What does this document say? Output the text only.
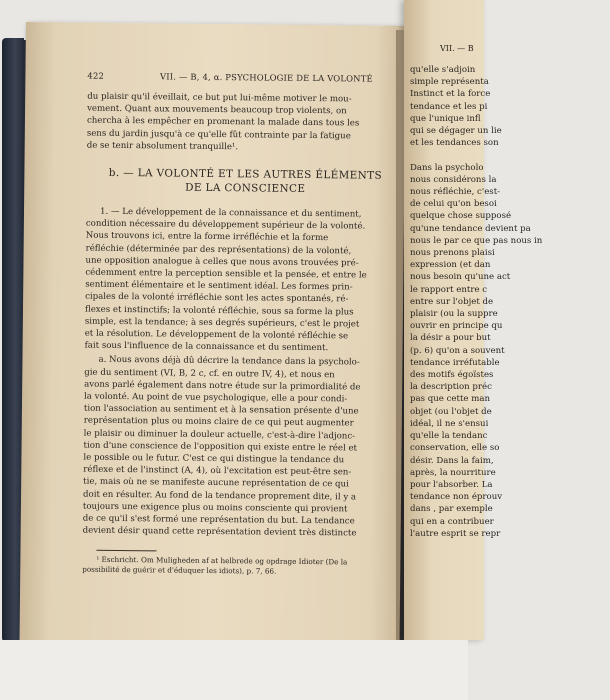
422	VII. — B, 4, α. PSYCHOLOGIE DE LA VOLONTÉ

du plaisir qu'il éveillait, ce but put lui-même motiver le mou-

vement. Quant aux mouvements beaucoup trop violents, on

chercha à les empêcher en promenant la malade dans tous les

sens du jardin jusqu'à ce qu'elle fût contrainte par la fatigue

de se tenir absolument tranquille¹.

b. — LA VOLONTÉ ET LES AUTRES ÉLÉMENTS
DE LA CONSCIENCE

1. — Le développement de la connaissance et du sentiment,

condition nécessaire du développement supérieur de la volonté.

Nous trouvons ici, entre la forme irréfléchie et la forme

réfléchie (déterminée par des représentations) de la volonté,

une opposition analogue à celles que nous avons trouvées pré-

cédemment entre la perception sensible et la pensée, et entre le

sentiment élémentaire et le sentiment idéal. Les formes prin-

cipales de la volonté irréfléchie sont les actes spontanés, ré-

flexes et instinctifs; la volonté réfléchie, sous sa forme la plus

simple, est la tendance; à ses degrés supérieurs, c'est le projet

et la résolution. Le développement de la volonté réfléchie se

fait sous l'influence de la connaissance et du sentiment.

a. Nous avons déjà dû décrire la tendance dans la psycholo-

gie du sentiment (VI, B, 2 c, cf. en outre IV, 4), et nous en

avons parlé également dans notre étude sur la primordialité de

la volonté. Au point de vue psychologique, elle a pour condi-

tion l'association au sentiment et à la sensation présente d'une

représentation plus ou moins claire de ce qui peut augmenter

le plaisir ou diminuer la douleur actuelle, c'est-à-dire l'adjonc-

tion d'une conscience de l'opposition qui existe entre le réel et

le possible ou le futur. C'est ce qui distingue la tendance du

réflexe et de l'instinct (A, 4), où l'excitation est peut-être sen-

tie, mais où ne se manifeste aucune représentation de ce qui

doit en résulter. Au fond de la tendance proprement dite, il y a

toujours une exigence plus ou moins consciente qui provient

de ce qu'il s'est formé une représentation du but. La tendance

devient désir quand cette représentation devient très distincte

¹ Eschricht. Om Muligheden af at helbrede og opdrage Idioter (De la

possibilité de guérir et d'éduquer les idiots), p. 7, 66.

VII. — B
qu'elle s'adjoin
simple représenta
Instinct et la force
tendance et les pi
que l'unique infl
qui se dégager un lie
et les tendances son

Dans la psycholo
nous considérons la
nous réfléchie, c'est-
de celui qu'on besoi
quelque chose supposé
qu'une tendance devient pa
nous le par ce que pas nous in
nous prenons plaisi
expression (et dan
nous besoin qu'une act
le rapport entre c
entre sur l'objet de
plaisir (ou la suppre
ouvrir en principe qu
la désir a pour but
(p. 6) qu'on a souvent
tendance irréfutable
des motifs égoïstes
la description préc
pas que cette man
objet (ou l'objet de
idéal, il ne s'ensui
qu'elle la tendanc
conservation, elle so
désir. Dans la faim,
après, la nourriture
pour l'absorber. La
tendance non éprouv
dans , par exemple
qui en a contribuer
l'autre esprit se repr
